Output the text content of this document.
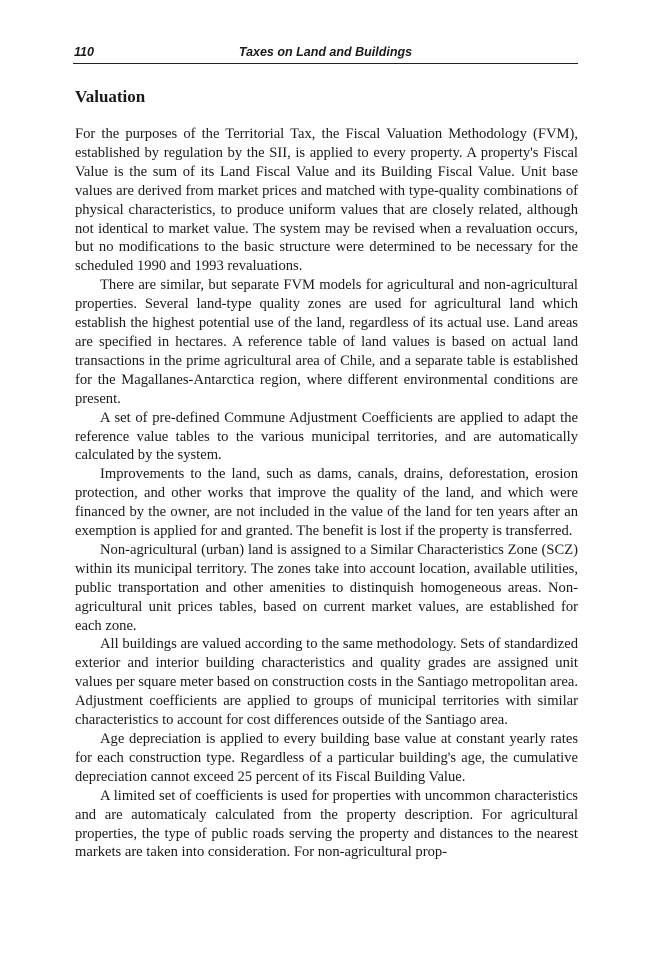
110	Taxes on Land and Buildings
Valuation

For the purposes of the Territorial Tax, the Fiscal Valuation Methodology (FVM), established by regulation by the SII, is applied to every property. A property's Fiscal Value is the sum of its Land Fiscal Value and its Building Fiscal Value. Unit base values are derived from market prices and matched with type-quality combinations of physical characteristics, to produce uniform values that are closely related, although not identical to market value. The system may be revised when a revaluation occurs, but no modifications to the basic structure were determined to be necessary for the scheduled 1990 and 1993 revaluations.

There are similar, but separate FVM models for agricultural and non-agricultural properties. Several land-type quality zones are used for agricultural land which establish the highest potential use of the land, regardless of its actual use. Land areas are specified in hectares. A reference table of land values is based on actual land transactions in the prime agricultural area of Chile, and a separate table is established for the Magallanes-Antarctica region, where different environmental conditions are present.

A set of pre-defined Commune Adjustment Coefficients are applied to adapt the reference value tables to the various municipal territories, and are automatically calculated by the system.

Improvements to the land, such as dams, canals, drains, deforestation, erosion protection, and other works that improve the quality of the land, and which were financed by the owner, are not included in the value of the land for ten years after an exemption is applied for and granted. The benefit is lost if the property is transferred.

Non-agricultural (urban) land is assigned to a Similar Characteristics Zone (SCZ) within its municipal territory. The zones take into account location, available utilities, public transportation and other amenities to distinquish homogeneous areas. Non-agricultural unit prices tables, based on current market values, are established for each zone.

All buildings are valued according to the same methodology. Sets of standardized exterior and interior building characteristics and quality grades are assigned unit values per square meter based on construction costs in the Santiago metropolitan area. Adjustment coefficients are applied to groups of municipal territories with similar characteristics to account for cost differences outside of the Santiago area.

Age depreciation is applied to every building base value at constant yearly rates for each construction type. Regardless of a particular building's age, the cumulative depreciation cannot exceed 25 percent of its Fiscal Building Value.

A limited set of coefficients is used for properties with uncommon characteristics and are automaticaly calculated from the property description. For agricultural properties, the type of public roads serving the property and distances to the nearest markets are taken into consideration. For non-agricultural prop-
